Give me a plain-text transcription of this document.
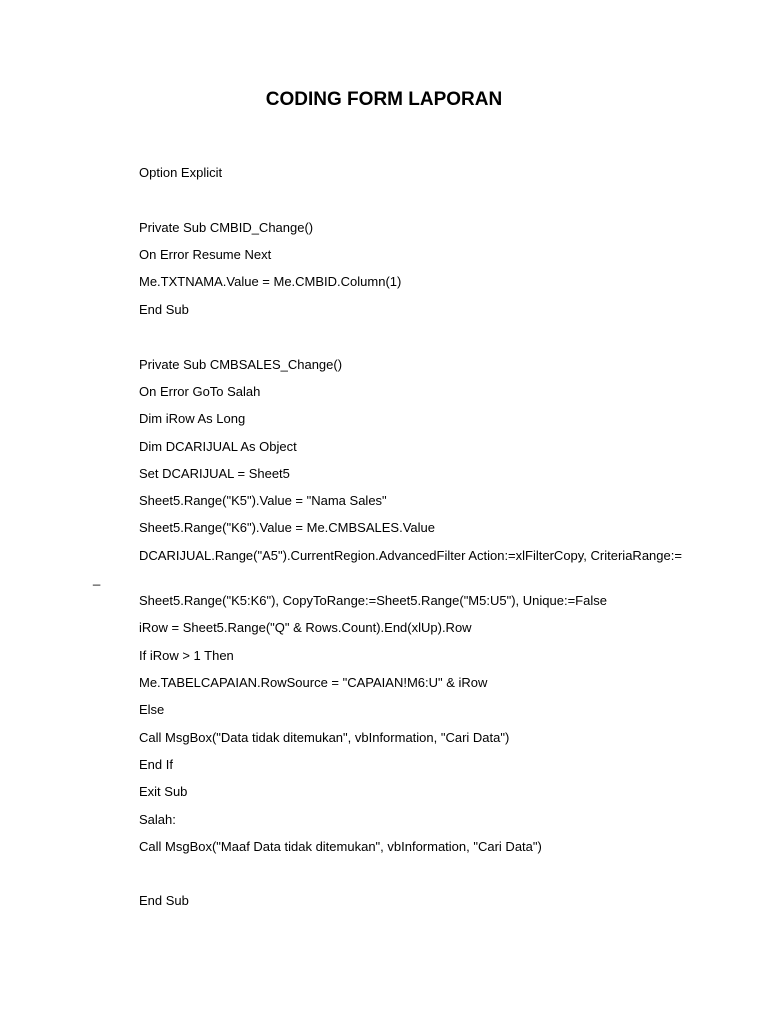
CODING FORM LAPORAN
Option Explicit
Private Sub CMBID_Change()
On Error Resume Next
Me.TXTNAMA.Value = Me.CMBID.Column(1)
End Sub
Private Sub CMBSALES_Change()
On Error GoTo Salah
Dim iRow As Long
Dim DCARIJUAL As Object
Set DCARIJUAL = Sheet5
Sheet5.Range("K5").Value = "Nama Sales"
Sheet5.Range("K6").Value = Me.CMBSALES.Value
DCARIJUAL.Range("A5").CurrentRegion.AdvancedFilter Action:=xlFilterCopy, CriteriaRange:=
_
Sheet5.Range("K5:K6"), CopyToRange:=Sheet5.Range("M5:U5"), Unique:=False
iRow = Sheet5.Range("Q" & Rows.Count).End(xlUp).Row
If iRow > 1 Then
Me.TABELCAPAIAN.RowSource = "CAPAIAN!M6:U" & iRow
Else
Call MsgBox("Data tidak ditemukan", vbInformation, "Cari Data")
End If
Exit Sub
Salah:
Call MsgBox("Maaf Data tidak ditemukan", vbInformation, "Cari Data")
End Sub
